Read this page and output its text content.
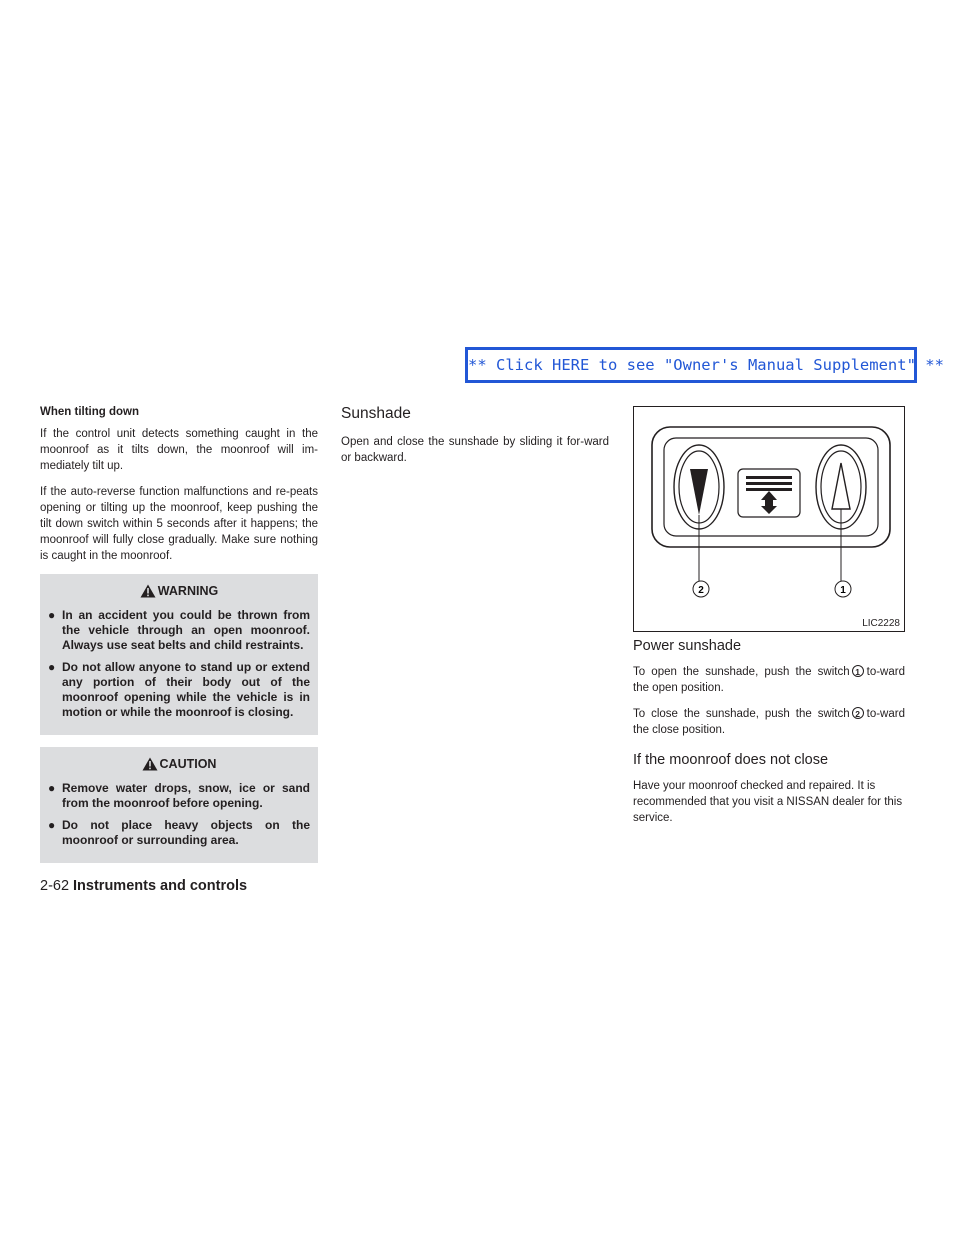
** Click HERE to see "Owner's Manual Supplement" **
When tilting down

If the control unit detects something caught in the moonroof as it tilts down, the moonroof will im-mediately tilt up.

If the auto-reverse function malfunctions and re-peats opening or tilting up the moonroof, keep pushing the tilt down switch within 5 seconds after it happens; the moonroof will fully close gradually. Make sure nothing is caught in the moonroof.

WARNING
● In an accident you could be thrown from the vehicle through an open moonroof. Always use seat belts and child restraints.
● Do not allow anyone to stand up or extend any portion of their body out of the moonroof opening while the vehicle is in motion or while the moonroof is closing.
CAUTION
● Remove water drops, snow, ice or sand from the moonroof before opening.
● Do not place heavy objects on the moonroof or surrounding area.
Sunshade

Open and close the sunshade by sliding it for-ward or backward.

2	1
LIC2228
Power sunshade

To open the sunshade, push the switch 1 to-ward the open position.

To close the sunshade, push the switch 2 to-ward the close position.

If the moonroof does not close

Have your moonroof checked and repaired. It is recommended that you visit a NISSAN dealer for this service.

2-62 Instruments and controls
